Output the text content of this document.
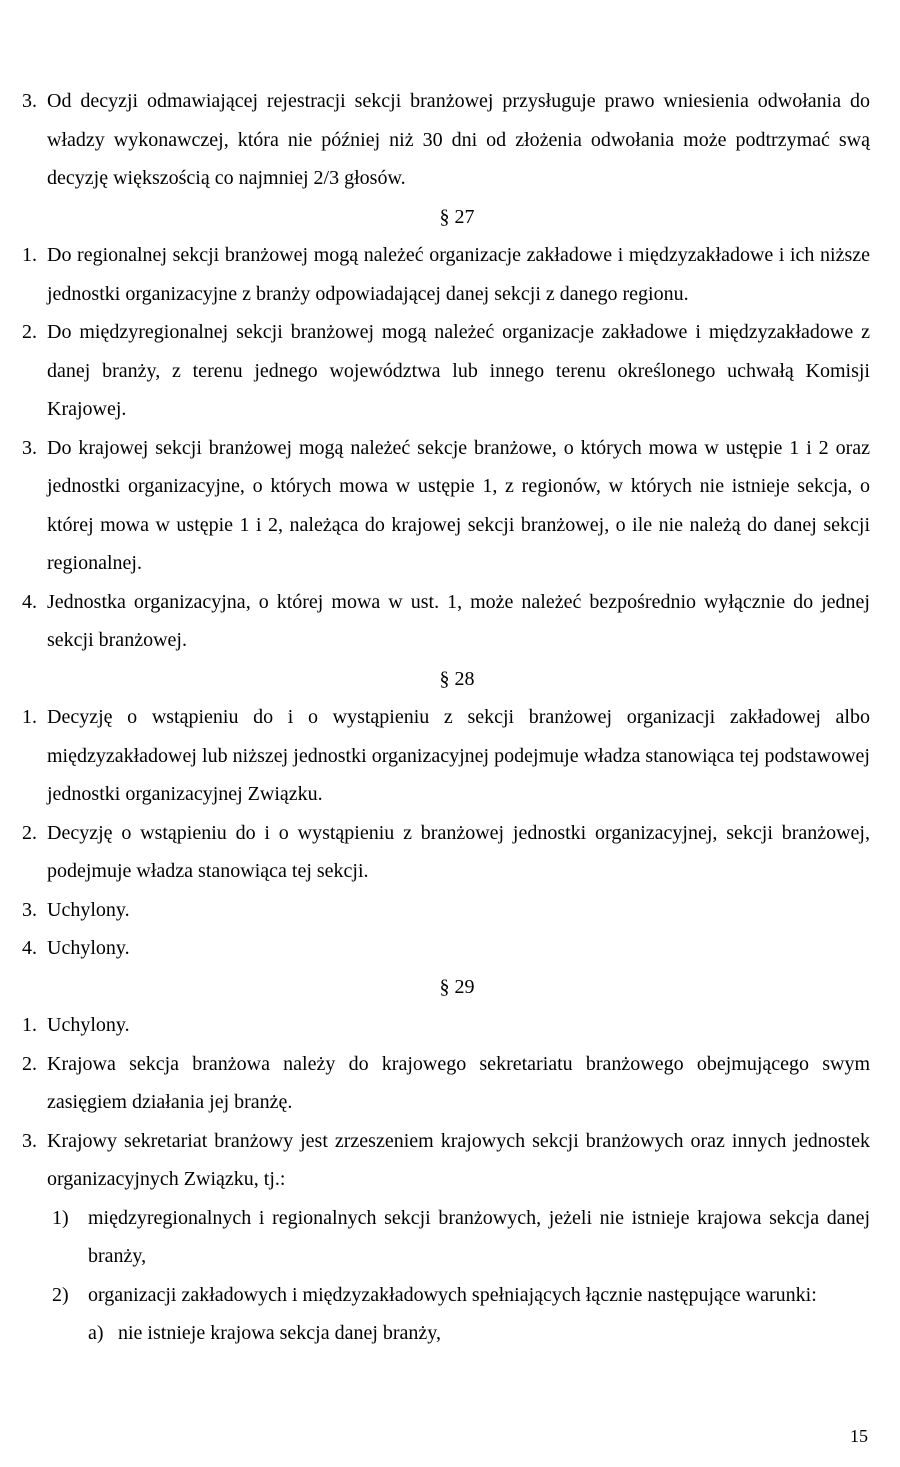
3. Od decyzji odmawiającej rejestracji sekcji branżowej przysługuje prawo wniesienia odwołania do władzy wykonawczej, która nie później niż 30 dni od złożenia odwołania może podtrzymać swą decyzję większością co najmniej 2/3 głosów.
§ 27
1. Do regionalnej sekcji branżowej mogą należeć organizacje zakładowe i międzyzakładowe i ich niższe jednostki organizacyjne z branży odpowiadającej danej sekcji z danego regionu.
2. Do międzyregionalnej sekcji branżowej mogą należeć organizacje zakładowe i międzyzakładowe z danej branży, z terenu jednego województwa lub innego terenu określonego uchwałą Komisji Krajowej.
3. Do krajowej sekcji branżowej mogą należeć sekcje branżowe, o których mowa w ustępie 1 i 2 oraz jednostki organizacyjne, o których mowa w ustępie 1, z regionów, w których nie istnieje sekcja, o której mowa w ustępie 1 i 2, należąca do krajowej sekcji branżowej, o ile nie należą do danej sekcji regionalnej.
4. Jednostka organizacyjna, o której mowa w ust. 1, może należeć bezpośrednio wyłącznie do jednej sekcji branżowej.
§ 28
1. Decyzję o wstąpieniu do i o wystąpieniu z sekcji branżowej organizacji zakładowej albo międzyzakładowej lub niższej jednostki organizacyjnej podejmuje władza stanowiąca tej podstawowej jednostki organizacyjnej Związku.
2. Decyzję o wstąpieniu do i o wystąpieniu z branżowej jednostki organizacyjnej, sekcji branżowej, podejmuje władza stanowiąca tej sekcji.
3. Uchylony.
4. Uchylony.
§ 29
1. Uchylony.
2. Krajowa sekcja branżowa należy do krajowego sekretariatu branżowego obejmującego swym zasięgiem działania jej branżę.
3. Krajowy sekretariat branżowy jest zrzeszeniem krajowych sekcji branżowych oraz innych jednostek organizacyjnych Związku, tj.:
1) międzyregionalnych i regionalnych sekcji branżowych, jeżeli nie istnieje krajowa sekcja danej branży,
2) organizacji zakładowych i międzyzakładowych spełniających łącznie następujące warunki:
a) nie istnieje krajowa sekcja danej branży,
15
